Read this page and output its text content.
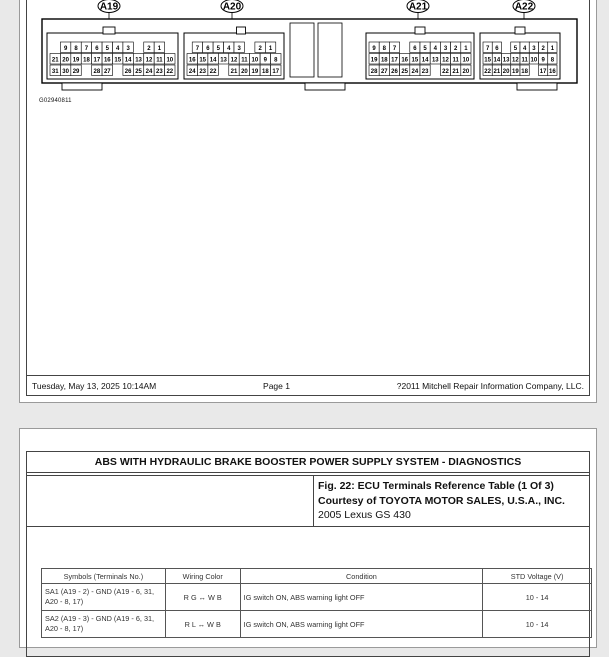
A19
9 8 7 6 5 4 3	2 1
21 20 19 18 17 16 15 14 13 12 11 10
31 30 29 28 27 26 25 24 23 22
A20
7 6 5 4 3	2 1
16 15 14 13 12 11 10 9 8
24 23 22 21 20 19 18 17
A21
9 8 7	6 5 4 3 2 1
19 18 17 16 15 14 13 12 11 10
28 27 26 25 24 23 22 21 20
A22
7 6	5 4 3 2 1
15 14 13 12 11 10 9 8
22 21 20 19 18 17 16
G02940811
Tuesday, May 13, 2025 10:14AM	Page 1	?2011 Mitchell Repair Information Company, LLC.
ABS WITH HYDRAULIC BRAKE BOOSTER POWER SUPPLY SYSTEM - DIAGNOSTICS
Fig. 22: ECU Terminals Reference Table (1 Of 3)
Courtesy of TOYOTA MOTOR SALES, U.S.A., INC.
2005 Lexus GS 430
Symbols (Terminals No.)	Wiring Color	Condition	STD Voltage (V)
SA1 (A19 - 2) - GND (A19 - 6, 31, A20 - 8, 17)	R G ↔ W B	IG switch ON, ABS warning light OFF	10 - 14
SA2 (A19 - 3) - GND (A19 - 6, 31, A20 - 8, 17)	R L ↔ W B	IG switch ON, ABS warning light OFF	10 - 14
